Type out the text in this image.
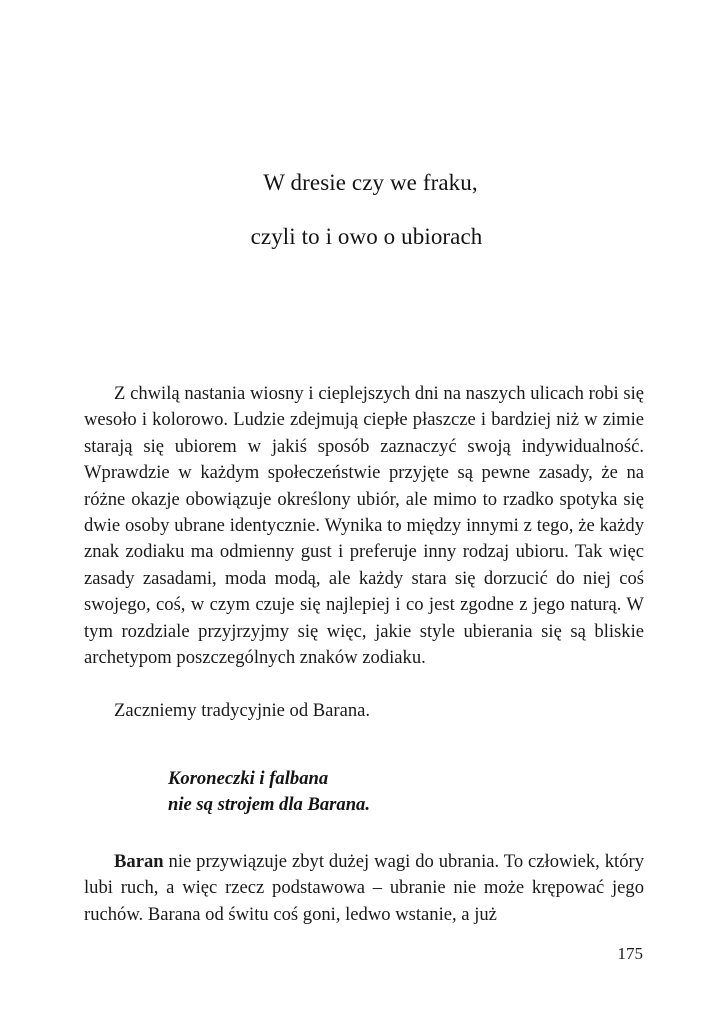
W dresie czy we fraku,
czyli to i owo o ubiorach

Z chwilą nastania wiosny i cieplejszych dni na naszych ulicach robi się wesoło i kolorowo. Ludzie zdejmują ciepłe płaszcze i bardziej niż w zimie starają się ubiorem w jakiś sposób zaznaczyć swoją indywidualność. Wprawdzie w każdym społeczeństwie przyjęte są pewne zasady, że na różne okazje obowiązuje określony ubiór, ale mimo to rzadko spotyka się dwie osoby ubrane identycznie. Wynika to między innymi z tego, że każdy znak zodiaku ma odmienny gust i preferuje inny rodzaj ubioru. Tak więc zasady zasadami, moda modą, ale każdy stara się dorzucić do niej coś swojego, coś, w czym czuje się najlepiej i co jest zgodne z jego naturą. W tym rozdziale przyjrzyjmy się więc, jakie style ubierania się są bliskie archetypom poszczególnych znaków zodiaku.

Zaczniemy tradycyjnie od Barana.

Koroneczki i falbana
nie są strojem dla Barana.

Baran nie przywiązuje zbyt dużej wagi do ubrania. To człowiek, który lubi ruch, a więc rzecz podstawowa – ubranie nie może krępować jego ruchów. Barana od świtu coś goni, ledwo wstanie, a już

175
